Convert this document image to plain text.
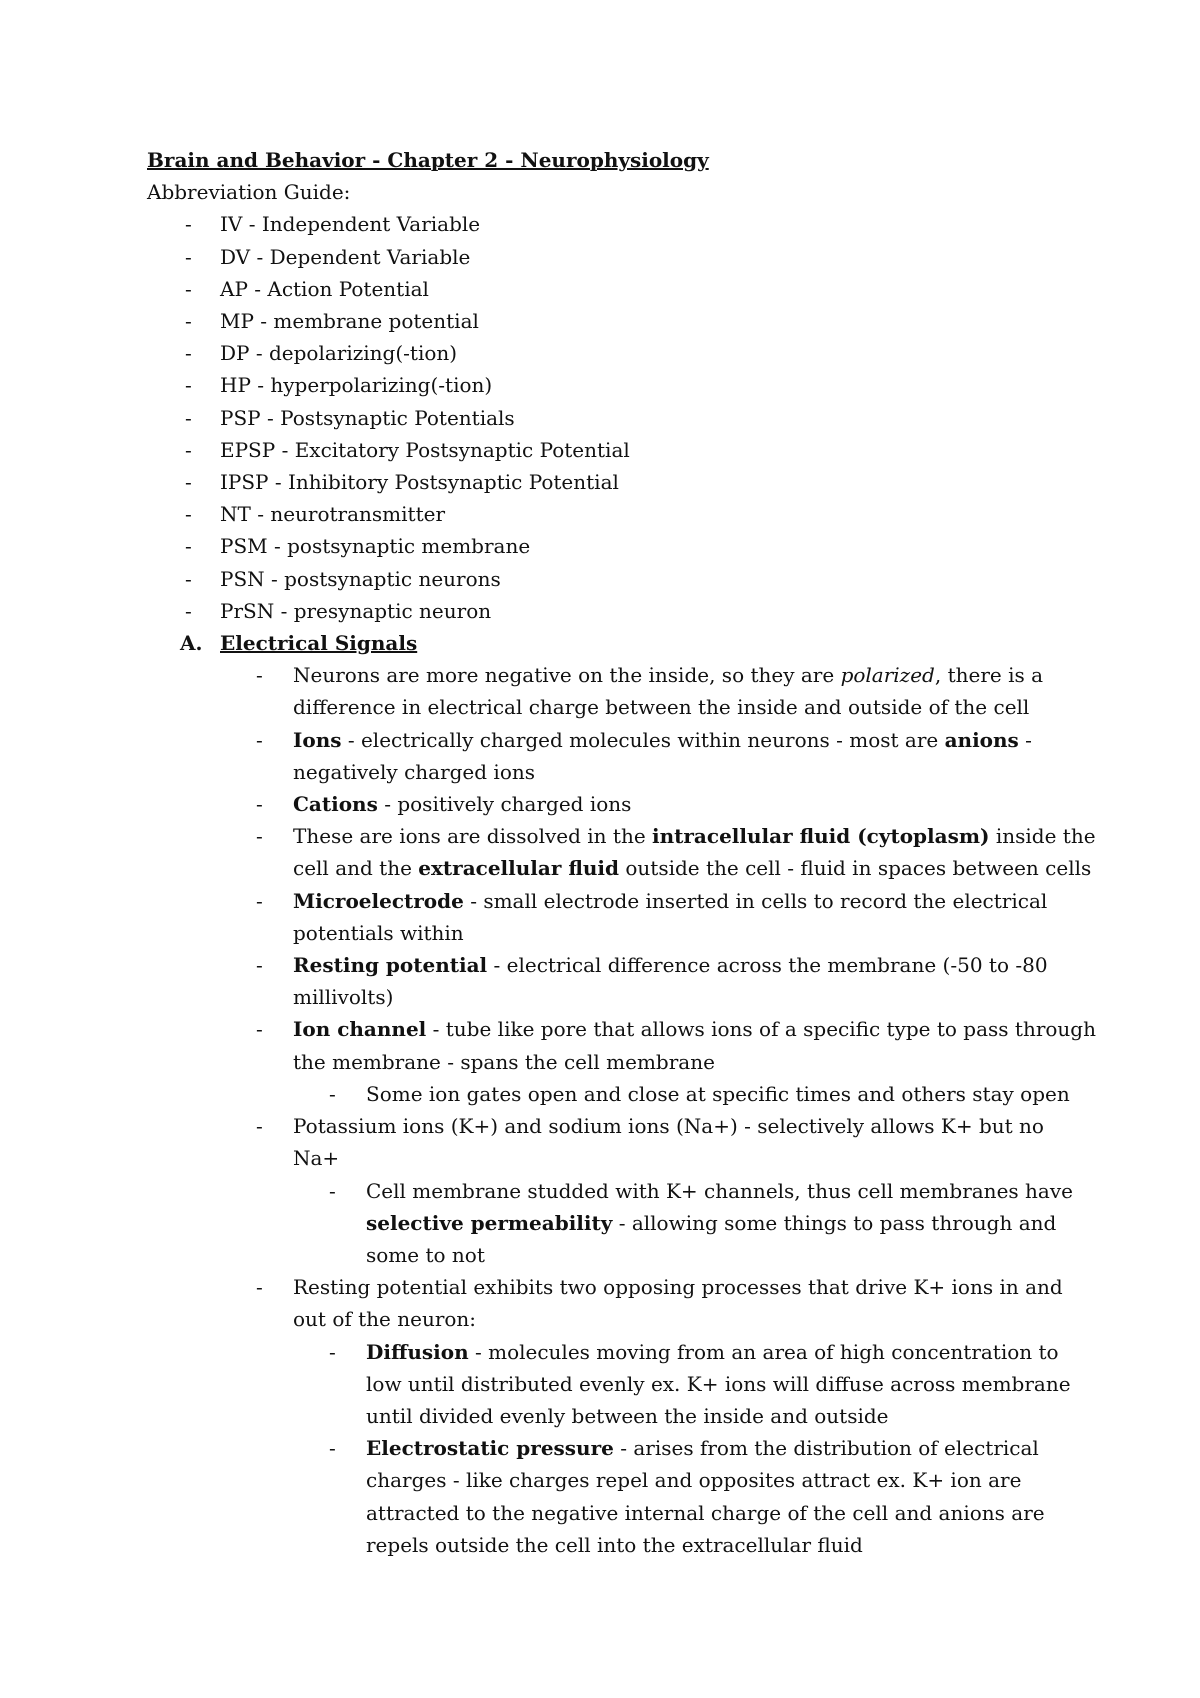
Brain and Behavior - Chapter 2 - Neurophysiology
Abbreviation Guide:
- IV - Independent Variable
- DV - Dependent Variable
- AP - Action Potential
- MP - membrane potential
- DP - depolarizing(-tion)
- HP - hyperpolarizing(-tion)
- PSP - Postsynaptic Potentials
- EPSP - Excitatory Postsynaptic Potential
- IPSP - Inhibitory Postsynaptic Potential
- NT - neurotransmitter
- PSM - postsynaptic membrane
- PSN - postsynaptic neurons
- PrSN - presynaptic neuron
A. Electrical Signals
- Neurons are more negative on the inside, so they are polarized, there is a
difference in electrical charge between the inside and outside of the cell
- Ions - electrically charged molecules within neurons - most are anions -
negatively charged ions
- Cations - positively charged ions
- These are ions are dissolved in the intracellular fluid (cytoplasm) inside the
cell and the extracellular fluid outside the cell - fluid in spaces between cells
- Microelectrode - small electrode inserted in cells to record the electrical
potentials within
- Resting potential - electrical difference across the membrane (-50 to -80
millivolts)
- Ion channel - tube like pore that allows ions of a specific type to pass through
the membrane - spans the cell membrane
- Some ion gates open and close at specific times and others stay open
- Potassium ions (K+) and sodium ions (Na+) - selectively allows K+ but no
Na+
- Cell membrane studded with K+ channels, thus cell membranes have
selective permeability - allowing some things to pass through and
some to not
- Resting potential exhibits two opposing processes that drive K+ ions in and
out of the neuron:
- Diffusion - molecules moving from an area of high concentration to
low until distributed evenly ex. K+ ions will diffuse across membrane
until divided evenly between the inside and outside
- Electrostatic pressure - arises from the distribution of electrical
charges - like charges repel and opposites attract ex. K+ ion are
attracted to the negative internal charge of the cell and anions are
repels outside the cell into the extracellular fluid
